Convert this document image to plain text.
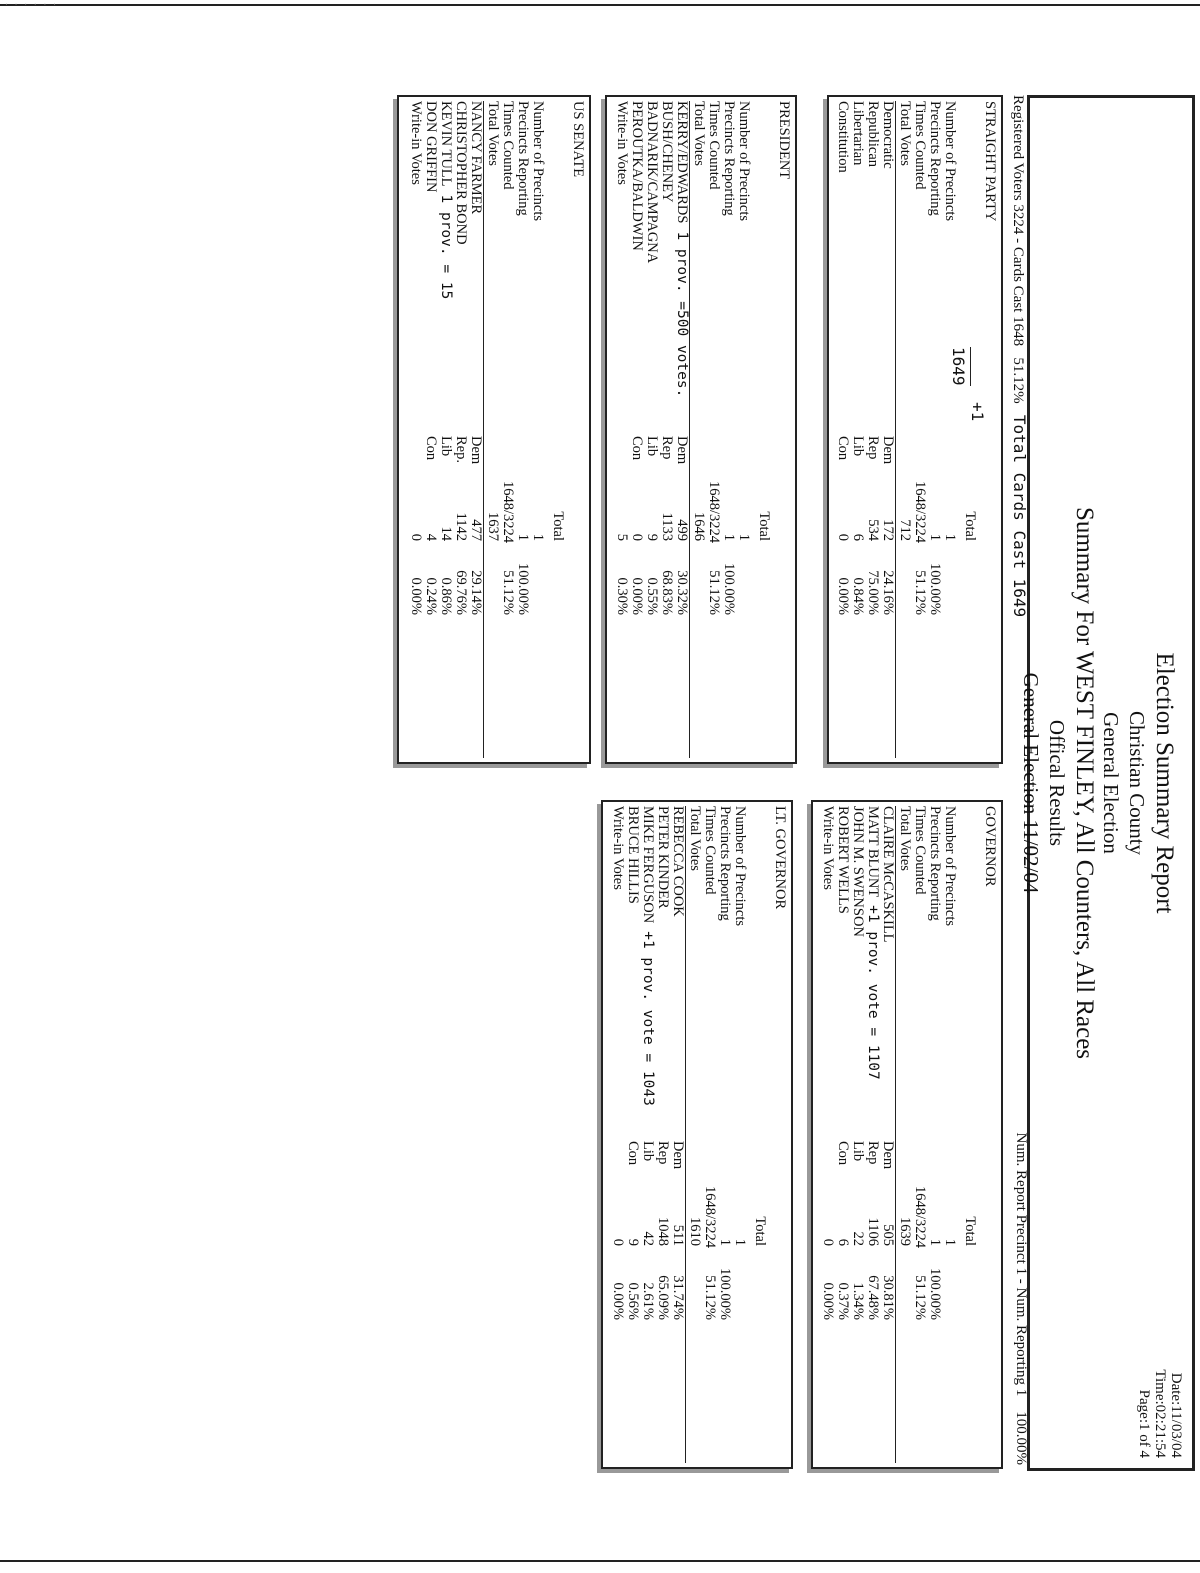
· · · · · ·
Election Summary Report
Christian County
General Election
Summary For WEST FINLEY, All Counters, All Races
Offical Results
General Election 11/02/04
Date:11/03/04
Time:02:21:54
Page:1 of 4
Registered Voters 3224 - Cards Cast 1648   51.12%   Total Cards Cast 1649
Num. Report Precinct 1 - Num. Reporting 1    100.00%
STRAIGHT PARTY
+1
1649
Total
Number of Precincts
1
Precincts Reporting
1
100.00%
Times Counted
1648/3224
51.12%
Total Votes
712
Democratic
Dem
172
24.16%
Republican
Rep
534
75.00%
Libertarian
Lib
6
0.84%
Constitution
Con
0
0.00%
GOVERNOR
Total
Number of Precincts
1
Precincts Reporting
1
100.00%
Times Counted
1648/3224
51.12%
Total Votes
1639
CLAIRE McCASKILL
Dem
505
30.81%
MATT BLUNT+1 prov. vote = 1107
Rep
1106
67.48%
JOHN M. SWENSON
Lib
22
1.34%
ROBERT WELLS
Con
6
0.37%
Write-in Votes
0
0.00%
PRESIDENT
Total
Number of Precincts
1
Precincts Reporting
1
100.00%
Times Counted
1648/3224
51.12%
Total Votes
1646
KERRY/EDWARDS1 prov. =500 votes.
Dem
499
30.32%
BUSH/CHENEY
Rep
1133
68.83%
BADNARIK/CAMPAGNA
Lib
9
0.55%
PEROUTKA/BALDWIN
Con
0
0.00%
Write-in Votes
5
0.30%
LT. GOVERNOR
Total
Number of Precincts
1
Precincts Reporting
1
100.00%
Times Counted
1648/3224
51.12%
Total Votes
1610
REBECCA COOK
Dem
511
31.74%
PETER KINDER
Rep
1048
65.09%
MIKE FERGUSON+1 prov. vote = 1043
Lib
42
2.61%
BRUCE HILLIS
Con
9
0.56%
Write-in Votes
0
0.00%
US SENATE
Total
Number of Precincts
1
Precincts Reporting
1
100.00%
Times Counted
1648/3224
51.12%
Total Votes
1637
NANCY FARMER
Dem
477
29.14%
CHRISTOPHER BOND
Rep.
1142
69.76%
KEVIN TULL1 prov. = 15
Lib
14
0.86%
DON GRIFFIN
Con
4
0.24%
Write-in Votes
0
0.00%
